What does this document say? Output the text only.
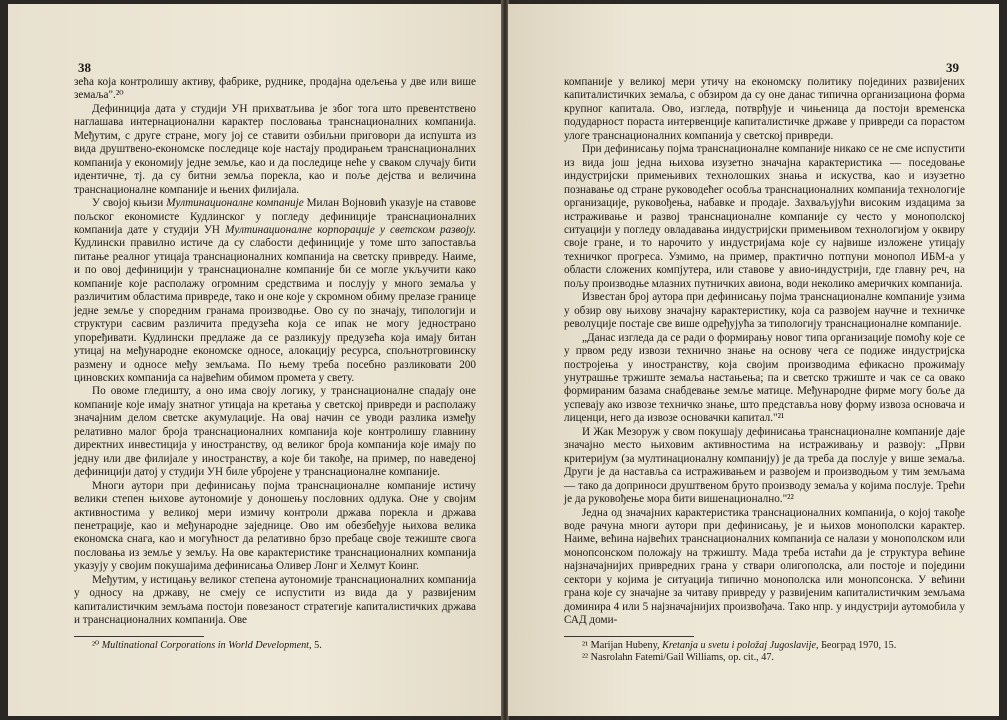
38

зећа која контролишу активу, фабрике, руднике, продајна одељења у две или више земаља".²⁰

Дефиниција дата у студији УН прихватљива је због тога што превентствено наглашава интернационални карактер пословања транснационалних компанија. Међутим, с друге стране, могу јој се ставити озбиљни приговори да испушта из вида друштвено-економске последице које настају продирањем транснационалних компанија у економију једне земље, као и да последице неће у сваком случају бити идентичне, тј. да су битни земља порекла, као и поље дејства и величина транснационалне компаније и њених филијала.

У својој књизи Мултинационалне компаније Милан Војновић указује на ставове пољског економисте Кудлинског у погледу дефиниције транснационалних компанија дате у студији УН Мултинационалне корпорације у светском развоју. Кудлински правилно истиче да су слабости дефиниције у томе што запоставља питање реалног утицаја транснационалних компанија на светску привреду. Наиме, и по овој дефиницији у транснационалне компаније би се могле укључити како компаније које располажу огромним средствима и послују у много земаља у различитим областима привреде, тако и оне које у скромном обиму прелазе границе једне земље у споредним гранама производње. Ово су по значају, типологији и структури сасвим различита предузећа која се ипак не могу једнострано упоређивати. Кудлински предлаже да се разликују предузећа која имају битан утицај на међународне економске односе, алокацију ресурса, спољнотрговинску размену и односе међу земљама. По њему треба посебно разликовати 200 циновских компанија са највећим обимом промета у свету.

По овоме гледишту, а оно има своју логику, у транснационалне спадају оне компаније које имају знатног утицаја на кретања у светској привреди и располажу значајним делом светске акумулације. На овај начин се уводи разлика између релативно малог броја транснационалних компанија које контролишу главнину директних инвестиција у иностранству, од великог броја компанија које имају по једну или две филијале у иностранству, а које би такође, на пример, по наведеној дефиницији датој у студији УН биле убројене у транснационалне компаније.

Многи аутори при дефинисању појма транснационалне компаније истичу велики степен њихове аутономије у доношењу пословних одлука. Оне у својим активностима у великој мери измичу контроли држава порекла и држава пенетрације, као и међународне заједнице. Ово им обезбеђује њихова велика економска снага, као и могућност да релативно брзо пребаце своје тежиште свога пословања из земље у земљу. На ове карактеристике транснационалних компанија указују у својим покушајима дефинисања Оливер Лонг и Хелмут Коинг.

Међутим, у истицању великог степена аутономије транснационалних компанија у односу на државу, не смеју се испустити из вида да у развијеним капиталистичким земљама постоји повезаност стратегије капиталистичких држава и транснационалних компанија. Ове

²⁰ Multinational Corporations in World Development, 5.
39

компаније у великој мери утичу на економску политику појединих развијених капиталистичких земаља, с обзиром да су оне данас типична организациона форма крупног капитала. Ово, изгледа, потврђује и чињеница да постоји временска подударност пораста интервенције капиталистичке државе у привреди са порастом улоге транснационалних компанија у светској привреди.

При дефинисању појма транснационалне компаније никако се не сме испустити из вида још једна њихова изузетно значајна карактеристика — поседовање индустријски примењивих технолошких знања и искуства, као и изузетно познавање од стране руководећег особља транснационалних компанија технологије организације, руковођења, набавке и продаје. Захваљујући високим издацима за истраживање и развој транснационалне компаније су често у монополској ситуацији у погледу овладавања индустријски примењивом технологијом у оквиру своје гране, и то нарочито у индустријама које су највише изложене утицају техничког прогреса. Узмимо, на пример, практично потпуни монопол ИБМ-а у области сложених компјутера, или ставове у авио-индустрији, где главну реч, на пољу производње млазних путничких авиона, води неколико америчких компанија.

Известан број аутора при дефинисању појма транснационалне компаније узима у обзир ову њихову значајну карактеристику, која са развојем научне и техничке револуције постаје све више одређујућа за типологију транснационалне компаније.

„Данас изгледа да се ради о формирању новог типа организације помоћу које се у првом реду извози технично знање на основу чега се подиже индустријска постројења у иностранству, која својим производима ефикасно прожимају унутрашње тржиште земаља настањења; па и светско тржиште и чак се са овако формираним базама снабдевање земље матице. Међународне фирме могу боље да успевају ако извозе техничко знање, што представља нову форму извоза основача и лиценци, него да извозе основачки капитал."²¹

И Жак Мезоруж у свом покушају дефинисања транснационалне компаније даје значајно место њиховим активностима на истраживању и развоју: „Први критеријум (за мултинационалну компанију) је да треба да послује у више земаља. Други је да наставља са истраживањем и развојем и производњом у тим земљама — тако да доприноси друштвеном бруто производу земаља у којима послује. Трећи је да руковођење мора бити вишенационално."²²

Једна од значајних карактеристика транснационалних компанија, о којој такође воде рачуна многи аутори при дефинисању, је и њихов монополски карактер. Наиме, већина највећих транснационалних компанија се налази у монополском или монопсонском положају на тржишту. Мада треба истаћи да је структура већине најзначајнијих привредних грана у ствари олигополска, али постоје и поједини сектори у којима је ситуација типично монополска или монопсонска. У већини грана које су значајне за читаву привреду у развијеним капиталистичким земљама доминира 4 или 5 најзначајнијих произвођача. Тако нпр. у индустрији аутомобила у САД доми-

²¹ Marijan Hubeny, Kretanja u svetu i položaj Jugoslavije, Београд 1970, 15.
²² Nasrolahn Fatemi/Gail Williams, op. cit., 47.
